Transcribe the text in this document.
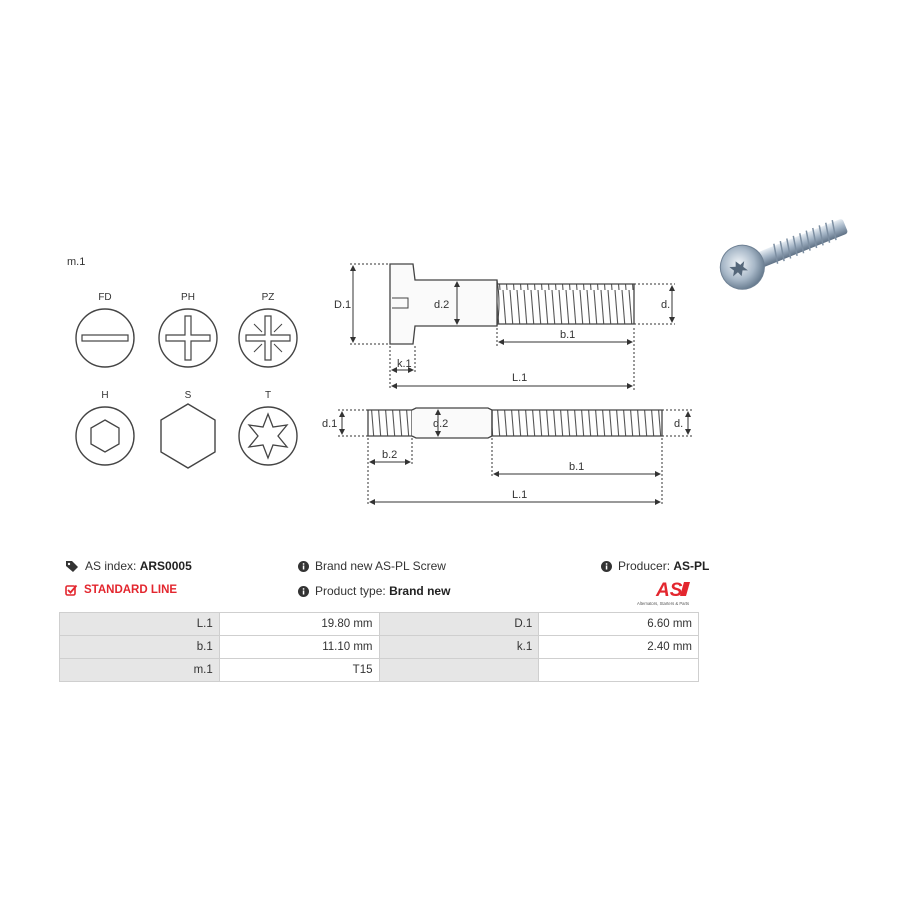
m.1
FD	PH	PZ
H	S	T
D.1	d.2	d.
b.1
k.1
L.1
d.1	d.2	d.
b.2
b.1
L.1
AS index:
ARS0005
STANDARD LINE
Brand new AS-PL Screw
Product type:
Brand new
Producer:
AS-PL
AS
Alternators, Starters & Parts
L.1	19.80 mm	D.1	6.60 mm
b.1	11.10 mm	k.1	2.40 mm
m.1	T15		
